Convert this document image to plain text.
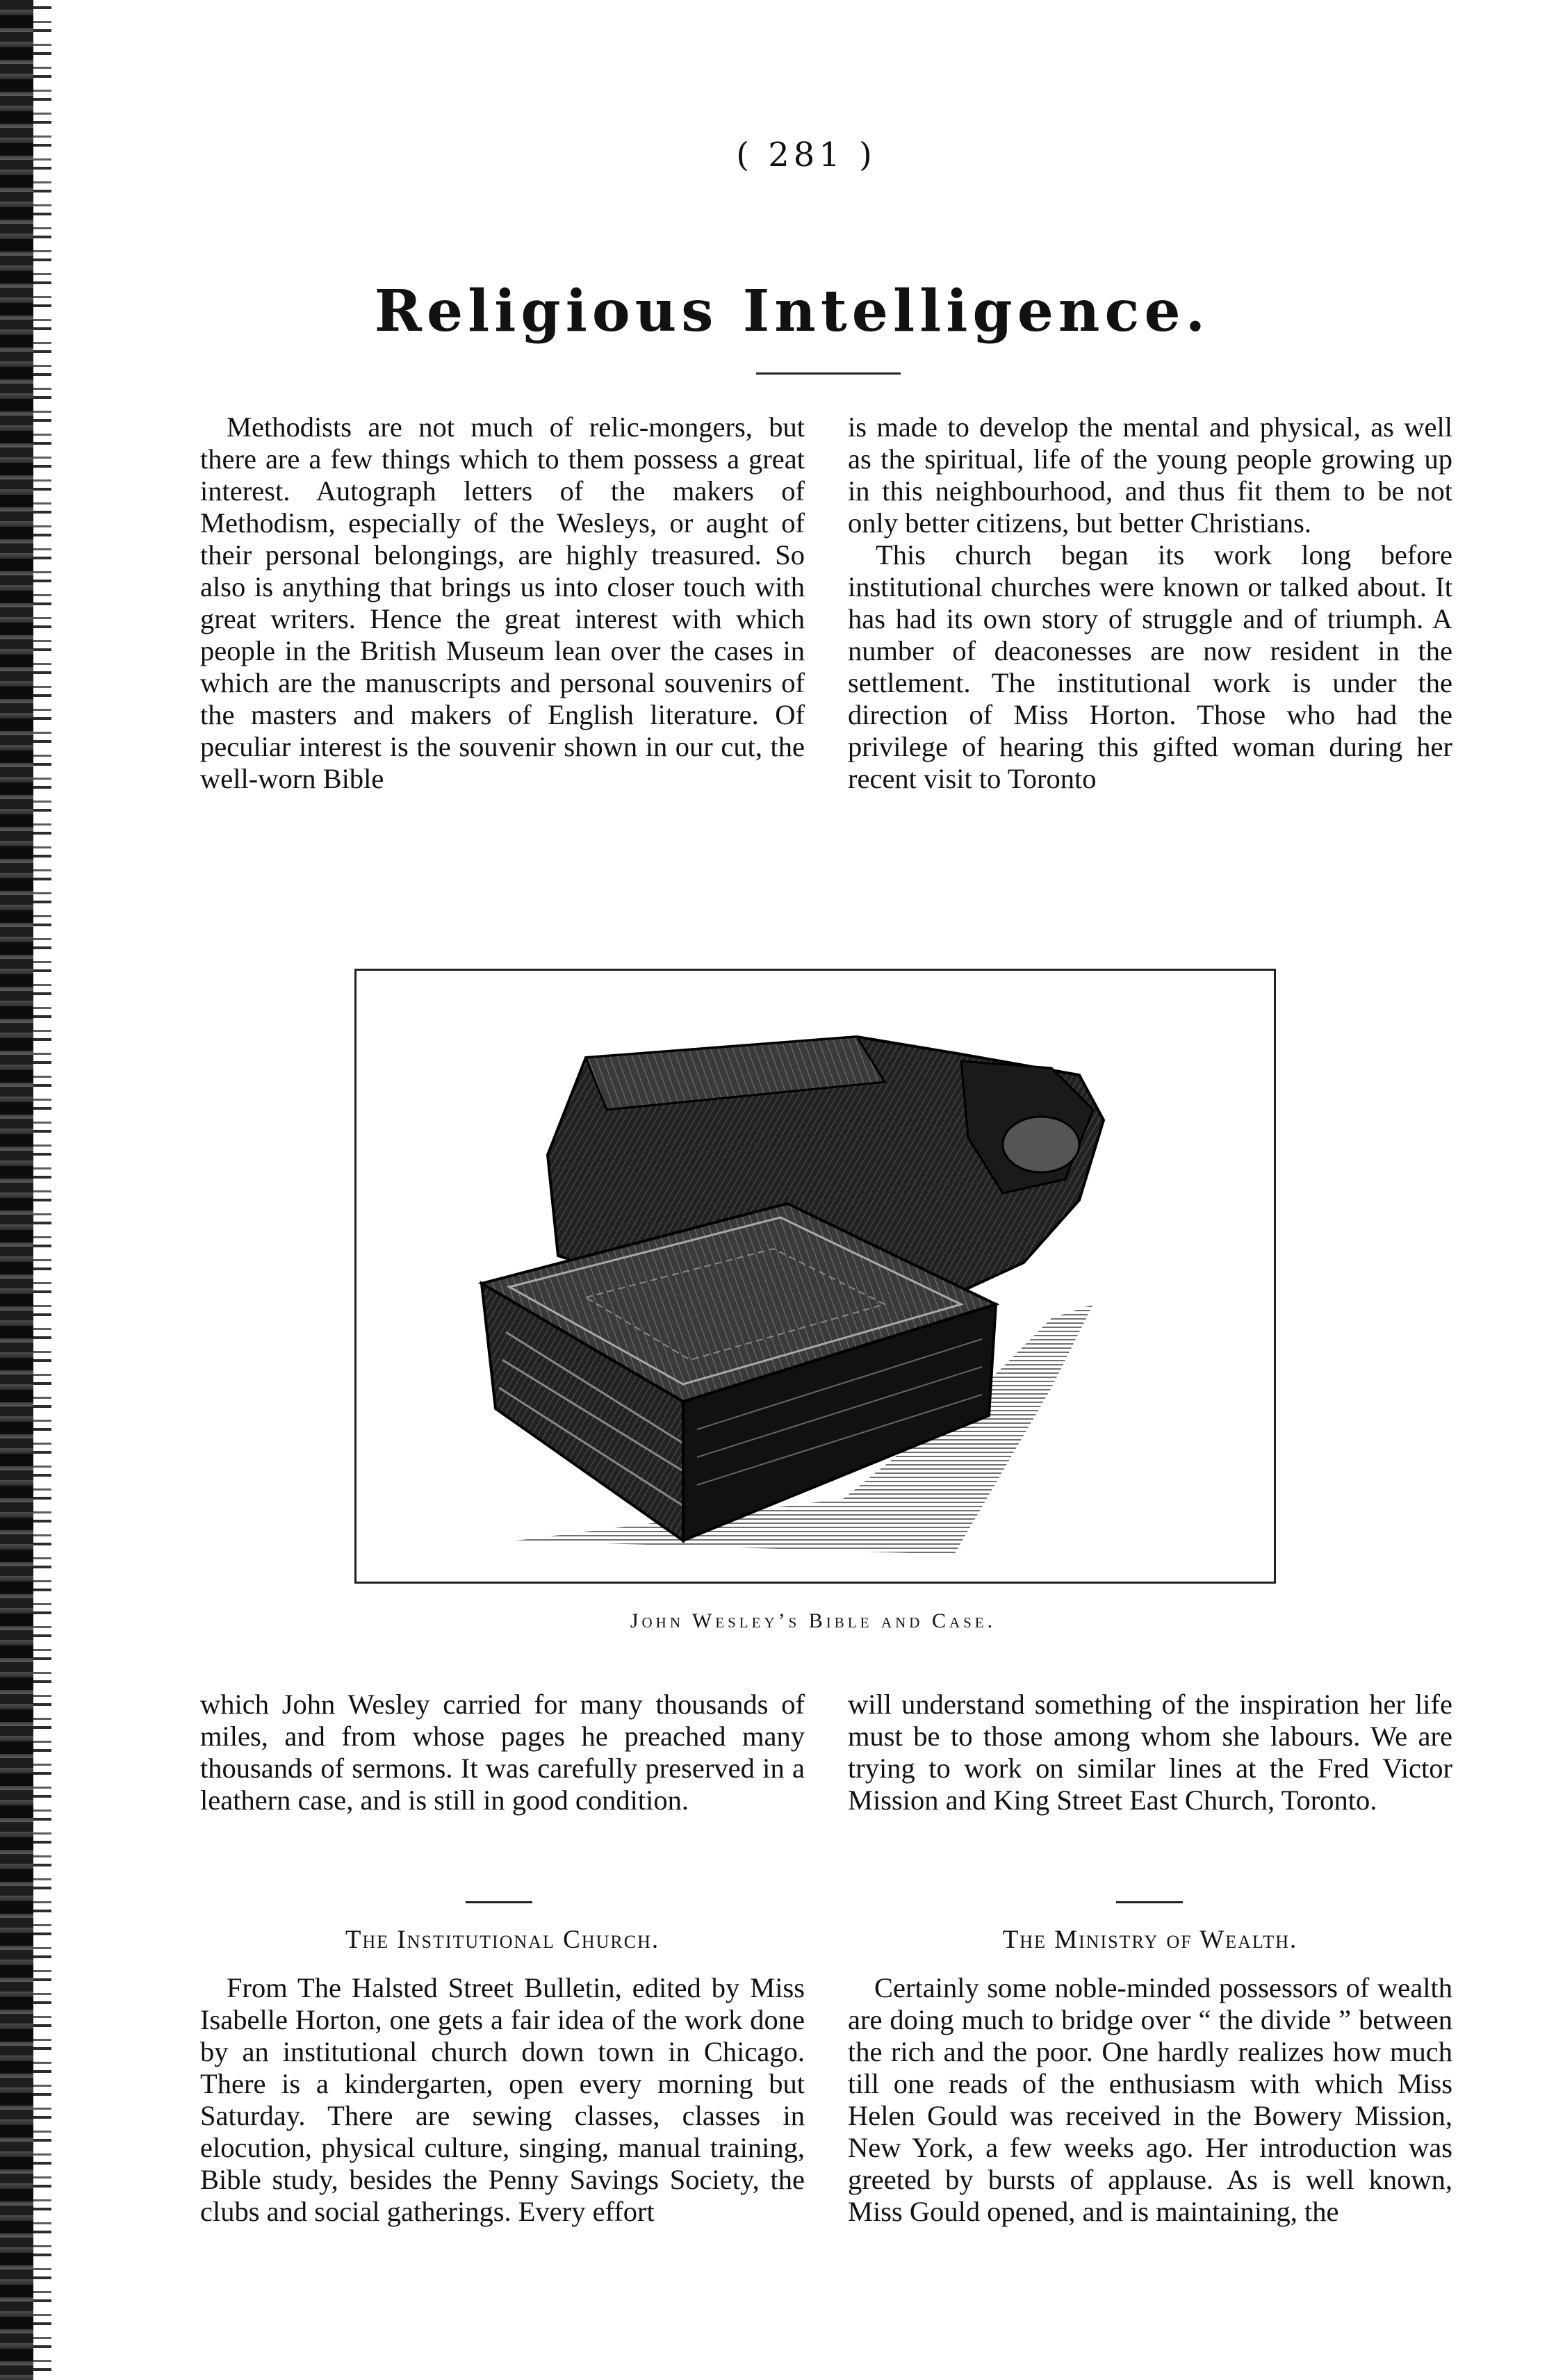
( 281 )
Religious Intelligence.

Methodists are not much of relic-mongers, but there are a few things which to them possess a great interest. Autograph letters of the makers of Methodism, especially of the Wesleys, or aught of their personal belongings, are highly treasured. So also is anything that brings us into closer touch with great writers. Hence the great interest with which people in the British Museum lean over the cases in which are the manuscripts and personal souvenirs of the masters and makers of English literature. Of peculiar interest is the souvenir shown in our cut, the well-worn Bible

is made to develop the mental and physical, as well as the spiritual, life of the young people growing up in this neighbourhood, and thus fit them to be not only better citizens, but better Christians.

This church began its work long before institutional churches were known or talked about. It has had its own story of struggle and of triumph. A number of deaconesses are now resident in the settlement. The institutional work is under the direction of Miss Horton. Those who had the privilege of hearing this gifted woman during her recent visit to Toronto

John Wesley’s Bible and Case.

which John Wesley carried for many thousands of miles, and from whose pages he preached many thousands of sermons. It was carefully preserved in a leathern case, and is still in good condition.

will understand something of the inspiration her life must be to those among whom she labours. We are trying to work on similar lines at the Fred Victor Mission and King Street East Church, Toronto.

The Institutional Church.	The Ministry of Wealth.

From The Halsted Street Bulletin, edited by Miss Isabelle Horton, one gets a fair idea of the work done by an institutional church down town in Chicago. There is a kindergarten, open every morning but Saturday. There are sewing classes, classes in elocution, physical culture, singing, manual training, Bible study, besides the Penny Savings Society, the clubs and social gatherings. Every effort

Certainly some noble-minded possessors of wealth are doing much to bridge over “ the divide ” between the rich and the poor. One hardly realizes how much till one reads of the enthusiasm with which Miss Helen Gould was received in the Bowery Mission, New York, a few weeks ago. Her introduction was greeted by bursts of applause. As is well known, Miss Gould opened, and is maintaining, the
